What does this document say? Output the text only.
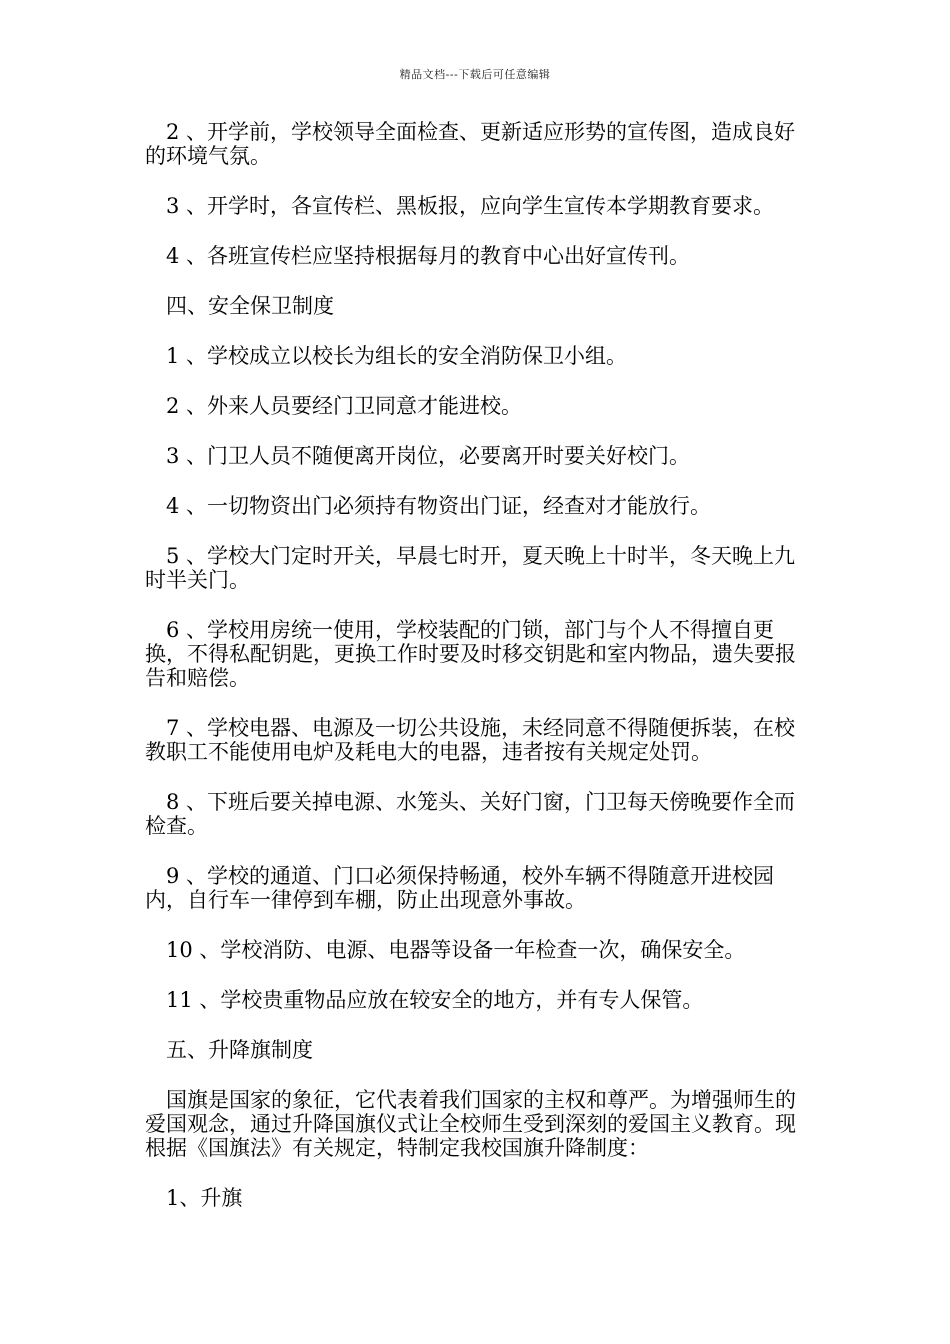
精品文档---下载后可任意编辑

2 、开学前，学校领导全面检查、更新适应形势的宣传图，造成良好的环境气氛。

3 、开学时，各宣传栏、黑板报，应向学生宣传本学期教育要求。

4 、各班宣传栏应坚持根据每月的教育中心出好宣传刊。

四、安全保卫制度

1 、学校成立以校长为组长的安全消防保卫小组。

2 、外来人员要经门卫同意才能进校。

3 、门卫人员不随便离开岗位，必要离开时要关好校门。

4 、一切物资出门必须持有物资出门证，经查对才能放行。

5 、学校大门定时开关，早晨七时开，夏天晚上十时半，冬天晚上九时半关门。

6 、学校用房统一使用，学校装配的门锁，部门与个人不得擅自更换，不得私配钥匙，更换工作时要及时移交钥匙和室内物品，遗失要报告和赔偿。

7 、学校电器、电源及一切公共设施，未经同意不得随便拆装，在校教职工不能使用电炉及耗电大的电器，违者按有关规定处罚。

8 、下班后要关掉电源、水笼头、关好门窗，门卫每天傍晚要作全而检查。

9 、学校的通道、门口必须保持畅通，校外车辆不得随意开进校园内，自行车一律停到车棚，防止出现意外事故。

10 、学校消防、电源、电器等设备一年检查一次，确保安全。

11 、学校贵重物品应放在较安全的地方，并有专人保管。

五、升降旗制度

国旗是国家的象征，它代表着我们国家的主权和尊严。为增强师生的爱国观念，通过升降国旗仪式让全校师生受到深刻的爱国主义教育。现根据《国旗法》有关规定，特制定我校国旗升降制度：

1、升旗
